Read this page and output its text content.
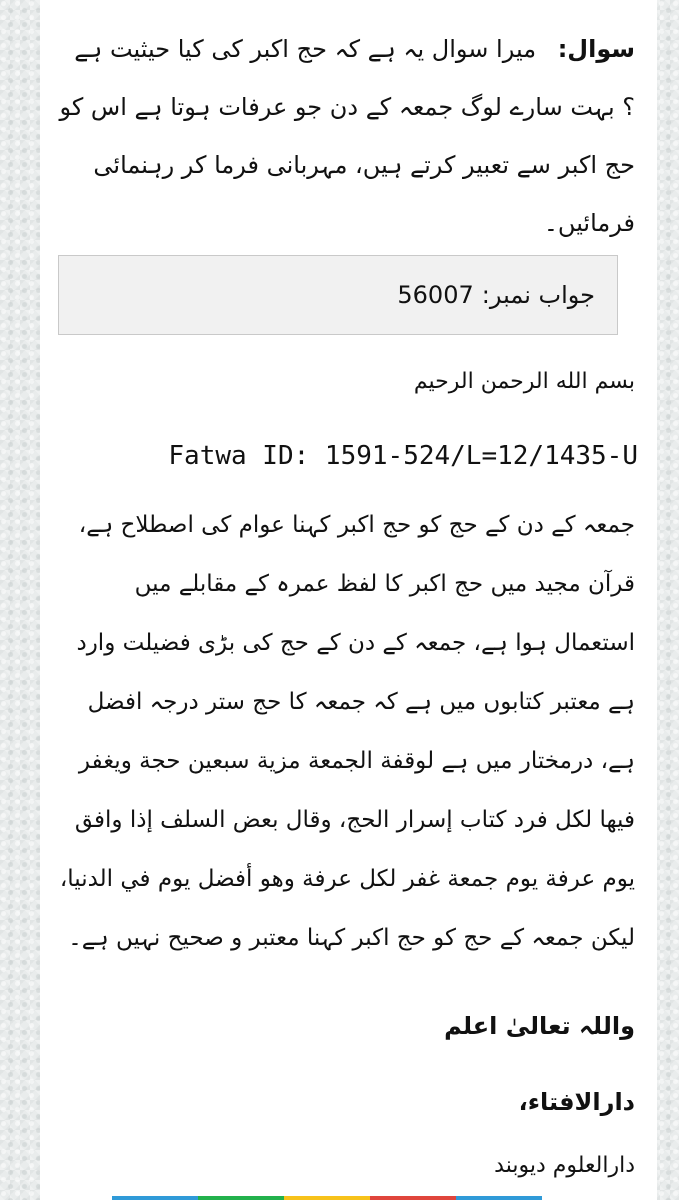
سوال: میرا سوال یہ ہے کہ حج اکبر کی کیا حیثیت ہے ؟ بہت سارے لوگ جمعہ کے دن جو عرفات ہوتا ہے اس کو حج اکبر سے تعبیر کرتے ہیں، مہربانی فرما کر رہنمائی فرمائیں۔
جواب نمبر:
56007
بسم الله الرحمن الرحيم
Fatwa ID: 1591-524/L=12/1435-U
جمعہ کے دن کے حج کو حج اکبر کہنا عوام کی اصطلاح ہے، قرآن مجید میں حج اکبر کا لفظ عمرہ کے مقابلے میں استعمال ہوا ہے، جمعہ کے دن کے حج کی بڑی فضیلت وارد ہے معتبر کتابوں میں ہے کہ جمعہ کا حج ستر درجہ افضل ہے، درمختار میں ہے لوقفة الجمعة مزية سبعين حجة ويغفر فيها لكل فرد كتاب إسرار الحج، وقال بعض السلف إذا وافق يوم عرفة يوم جمعة غفر لكل عرفة وهو أفضل يوم في الدنيا، لیکن جمعہ کے حج کو حج اکبر کہنا معتبر و صحیح نہیں ہے۔
واللہ تعالیٰ اعلم
دارالافتاء،
دارالعلوم دیوبند
